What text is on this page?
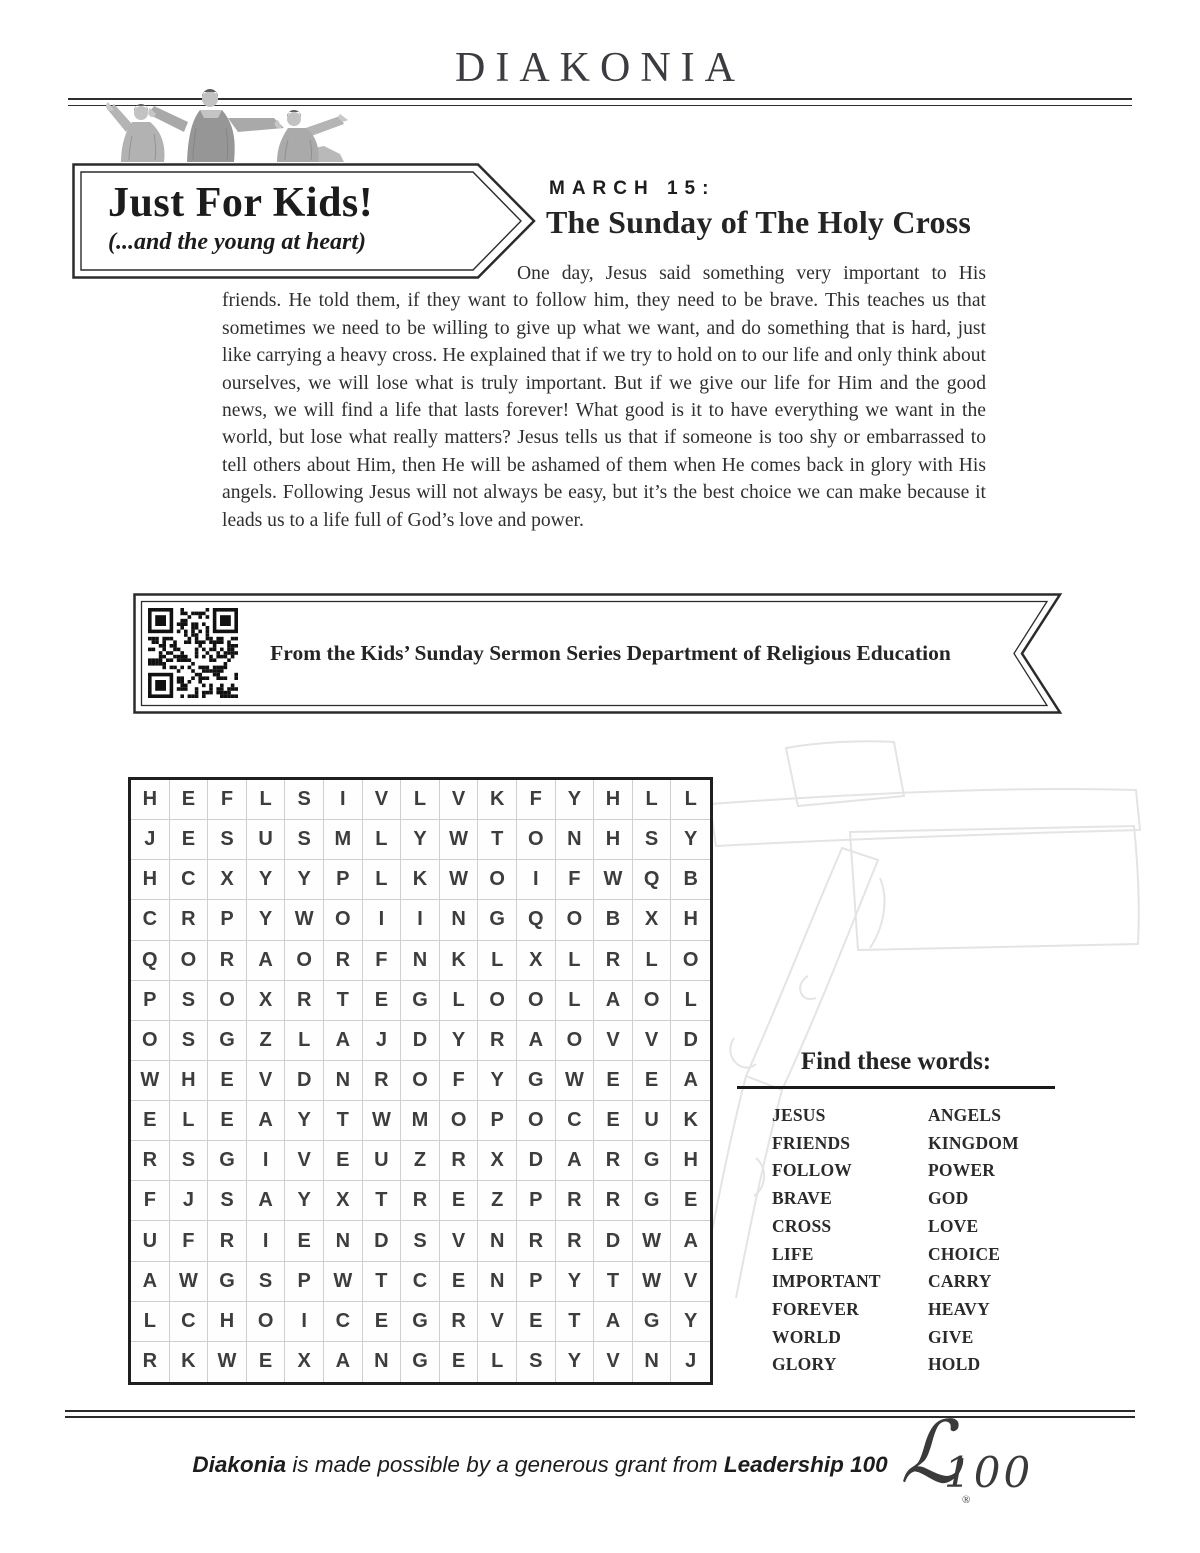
DIAKONIA
Just For Kids!
(...and the young at heart)
MARCH 15:
The Sunday of The Holy Cross
One day, Jesus said something very important to His friends. He told them, if they want to follow him, they need to be brave. This teaches us that sometimes we need to be willing to give up what we want, and do something that is hard, just like carrying a heavy cross. He explained that if we try to hold on to our life and only think about ourselves, we will lose what is truly important. But if we give our life for Him and the good news, we will find a life that lasts forever! What good is it to have everything we want in the world, but lose what really matters? Jesus tells us that if someone is too shy or embarrassed to tell others about Him, then He will be ashamed of them when He comes back in glory with His angels. Following Jesus will not always be easy, but it’s the best choice we can make because it leads us to a life full of God’s love and power.
From the Kids’ Sunday Sermon Series Department of Religious Education
H	E	F	L	S	I	V	L	V	K	F	Y	H	L	L
J	E	S	U	S	M	L	Y	W	T	O	N	H	S	Y
H	C	X	Y	Y	P	L	K	W	O	I	F	W	Q	B
C	R	P	Y	W	O	I	I	N	G	Q	O	B	X	H
Q	O	R	A	O	R	F	N	K	L	X	L	R	L	O
P	S	O	X	R	T	E	G	L	O	O	L	A	O	L
O	S	G	Z	L	A	J	D	Y	R	A	O	V	V	D
W	H	E	V	D	N	R	O	F	Y	G	W	E	E	A
E	L	E	A	Y	T	W	M	O	P	O	C	E	U	K
R	S	G	I	V	E	U	Z	R	X	D	A	R	G	H
F	J	S	A	Y	X	T	R	E	Z	P	R	R	G	E
U	F	R	I	E	N	D	S	V	N	R	R	D	W	A
A	W	G	S	P	W	T	C	E	N	P	Y	T	W	V
L	C	H	O	I	C	E	G	R	V	E	T	A	G	Y
R	K	W	E	X	A	N	G	E	L	S	Y	V	N	J
Find these words:
JESUS
FRIENDS
FOLLOW
BRAVE
CROSS
LIFE
IMPORTANT
FOREVER
WORLD
GLORY
ANGELS
KINGDOM
POWER
GOD
LOVE
CHOICE
CARRY
HEAVY
GIVE
HOLD
Diakonia is made possible by a generous grant from Leadership 100 ℒ
100
®
